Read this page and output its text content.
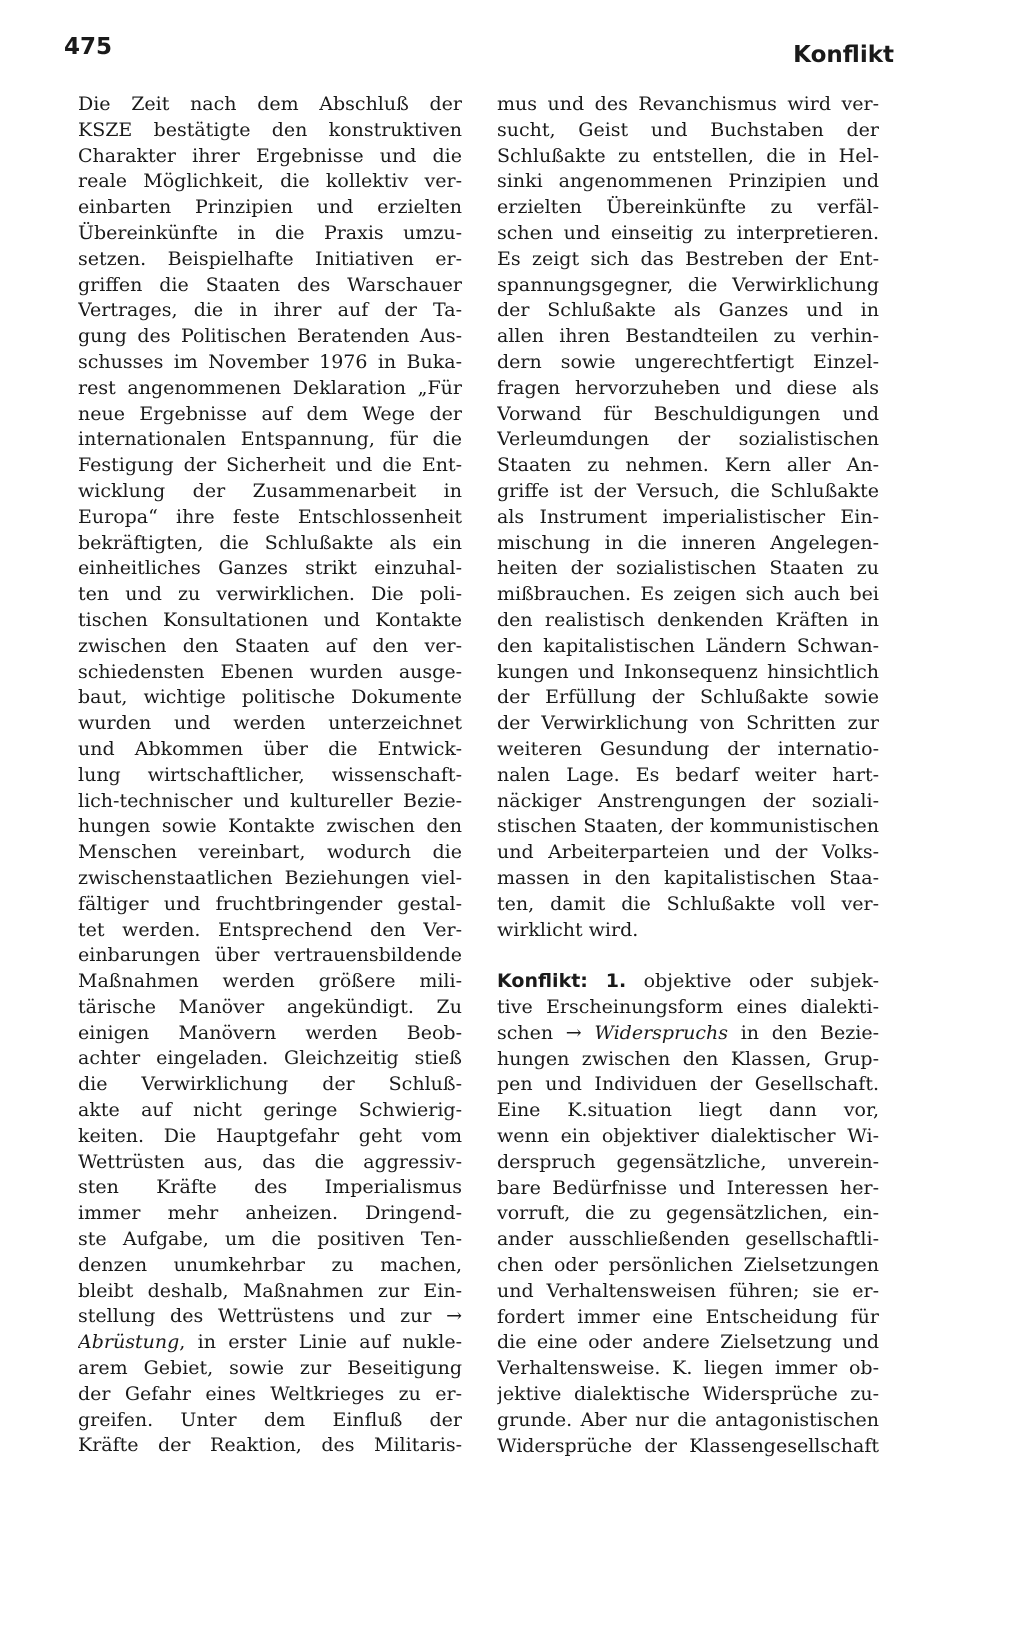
475	Konflikt
Die Zeit nach dem Abschluß der
KSZE bestätigte den konstruktiven
Charakter ihrer Ergebnisse und die
reale Möglichkeit, die kollektiv ver-
einbarten Prinzipien und erzielten
Übereinkünfte in die Praxis umzu-
setzen. Beispielhafte Initiativen er-
griffen die Staaten des Warschauer
Vertrages, die in ihrer auf der Ta-
gung des Politischen Beratenden Aus-
schusses im November 1976 in Buka-
rest angenommenen Deklaration „Für
neue Ergebnisse auf dem Wege der
internationalen Entspannung, für die
Festigung der Sicherheit und die Ent-
wicklung der Zusammenarbeit in
Europa“ ihre feste Entschlossenheit
bekräftigten, die Schlußakte als ein
einheitliches Ganzes strikt einzuhal-
ten und zu verwirklichen. Die poli-
tischen Konsultationen und Kontakte
zwischen den Staaten auf den ver-
schiedensten Ebenen wurden ausge-
baut, wichtige politische Dokumente
wurden und werden unterzeichnet
und Abkommen über die Entwick-
lung wirtschaftlicher, wissenschaft-
lich-technischer und kultureller Bezie-
hungen sowie Kontakte zwischen den
Menschen vereinbart, wodurch die
zwischenstaatlichen Beziehungen viel-
fältiger und fruchtbringender gestal-
tet werden. Entsprechend den Ver-
einbarungen über vertrauensbildende
Maßnahmen werden größere mili-
tärische Manöver angekündigt. Zu
einigen Manövern werden Beob-
achter eingeladen. Gleichzeitig stieß
die Verwirklichung der Schluß-
akte auf nicht geringe Schwierig-
keiten. Die Hauptgefahr geht vom
Wettrüsten aus, das die aggressiv-
sten Kräfte des Imperialismus
immer mehr anheizen. Dringend-
ste Aufgabe, um die positiven Ten-
denzen unumkehrbar zu machen,
bleibt deshalb, Maßnahmen zur Ein-
stellung des Wettrüstens und zur →
Abrüstung, in erster Linie auf nukle-
arem Gebiet, sowie zur Beseitigung
der Gefahr eines Weltkrieges zu er-
greifen. Unter dem Einfluß der
Kräfte der Reaktion, des Militaris-
mus und des Revanchismus wird ver-
sucht, Geist und Buchstaben der
Schlußakte zu entstellen, die in Hel-
sinki angenommenen Prinzipien und
erzielten Übereinkünfte zu verfäl-
schen und einseitig zu interpretieren.
Es zeigt sich das Bestreben der Ent-
spannungsgegner, die Verwirklichung
der Schlußakte als Ganzes und in
allen ihren Bestandteilen zu verhin-
dern sowie ungerechtfertigt Einzel-
fragen hervorzuheben und diese als
Vorwand für Beschuldigungen und
Verleumdungen der sozialistischen
Staaten zu nehmen. Kern aller An-
griffe ist der Versuch, die Schlußakte
als Instrument imperialistischer Ein-
mischung in die inneren Angelegen-
heiten der sozialistischen Staaten zu
mißbrauchen. Es zeigen sich auch bei
den realistisch denkenden Kräften in
den kapitalistischen Ländern Schwan-
kungen und Inkonsequenz hinsichtlich
der Erfüllung der Schlußakte sowie
der Verwirklichung von Schritten zur
weiteren Gesundung der internatio-
nalen Lage. Es bedarf weiter hart-
näckiger Anstrengungen der soziali-
stischen Staaten, der kommunistischen
und Arbeiterparteien und der Volks-
massen in den kapitalistischen Staa-
ten, damit die Schlußakte voll ver-
wirklicht wird.
Konflikt: 1. objektive oder subjek-
tive Erscheinungsform eines dialekti-
schen → Widerspruchs in den Bezie-
hungen zwischen den Klassen, Grup-
pen und Individuen der Gesellschaft.
Eine K.situation liegt dann vor,
wenn ein objektiver dialektischer Wi-
derspruch gegensätzliche, unverein-
bare Bedürfnisse und Interessen her-
vorruft, die zu gegensätzlichen, ein-
ander ausschließenden gesellschaftli-
chen oder persönlichen Zielsetzungen
und Verhaltensweisen führen; sie er-
fordert immer eine Entscheidung für
die eine oder andere Zielsetzung und
Verhaltensweise. K. liegen immer ob-
jektive dialektische Widersprüche zu-
grunde. Aber nur die antagonistischen
Widersprüche der Klassengesellschaft
